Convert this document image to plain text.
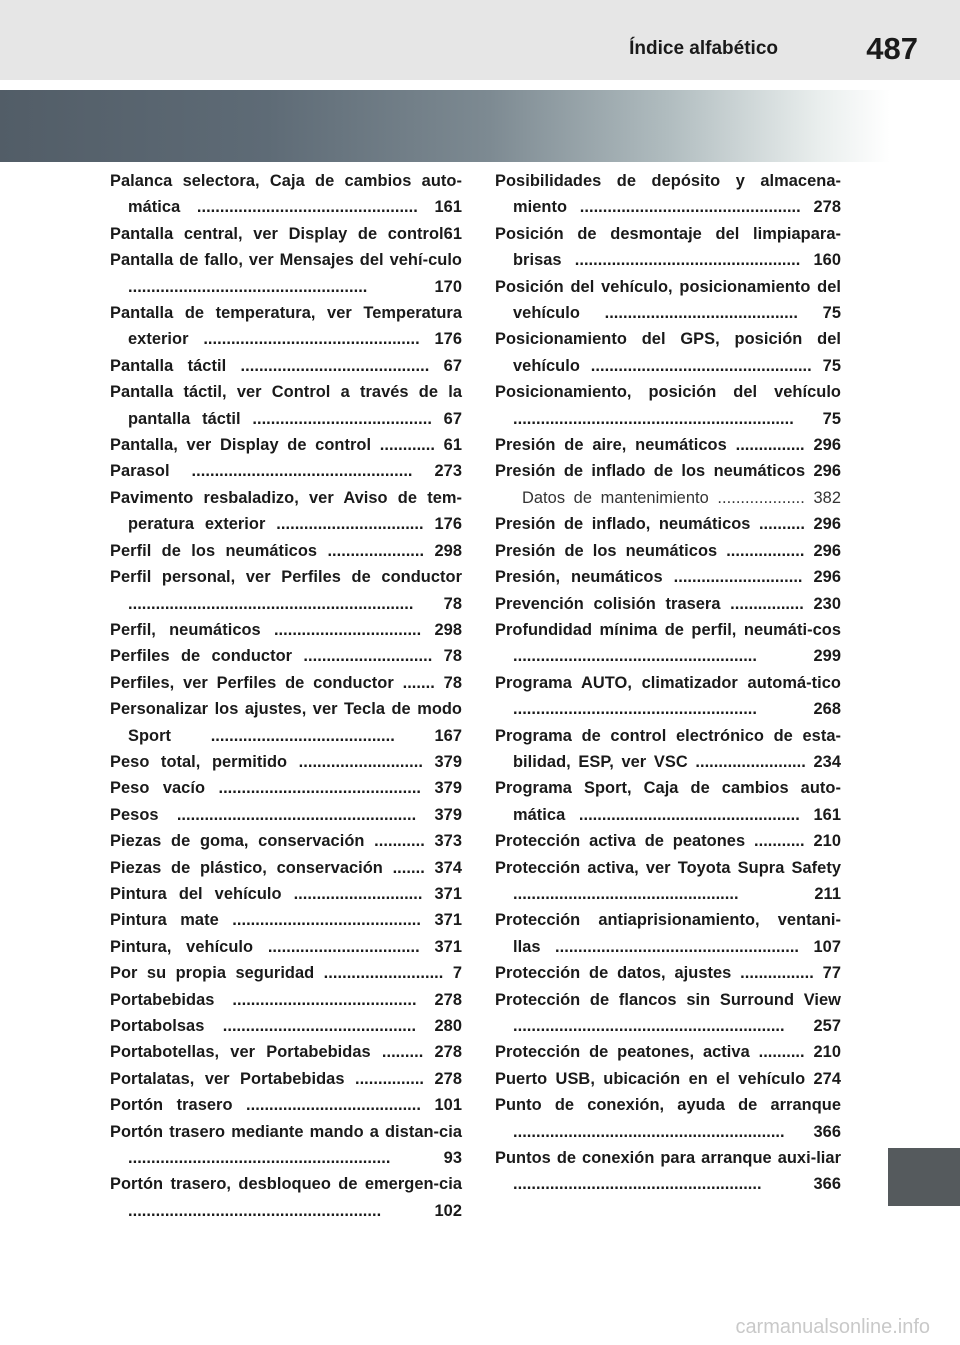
Índice alfabético	487

Palanca selectora, Caja de cambios auto-mática ................................................ 161

Pantalla central, ver Display de control61

Pantalla de fallo, ver Mensajes del vehí-culo .................................................... 170

Pantalla de temperatura, ver Temperatura exterior ............................................... 176

Pantalla táctil ......................................... 67

Pantalla táctil, ver Control a través de la pantalla táctil ....................................... 67

Pantalla, ver Display de control ............ 61

Parasol ................................................ 273

Pavimento resbaladizo, ver Aviso de tem-peratura exterior ................................ 176

Perfil de los neumáticos ..................... 298

Perfil personal, ver Perfiles de conductor .............................................................. 78

Perfil, neumáticos ................................ 298

Perfiles de conductor ............................ 78

Perfiles, ver Perfiles de conductor ....... 78

Personalizar los ajustes, ver Tecla de modo Sport ........................................ 167

Peso total, permitido ........................... 379

Peso vacío ............................................ 379

Pesos .................................................... 379

Piezas de goma, conservación ........... 373

Piezas de plástico, conservación ....... 374

Pintura del vehículo ............................ 371

Pintura mate ......................................... 371

Pintura, vehículo ................................. 371

Por su propia seguridad .......................... 7

Portabebidas ........................................ 278

Portabolsas .......................................... 280

Portabotellas, ver Portabebidas ......... 278

Portalatas, ver Portabebidas ............... 278

Portón trasero ...................................... 101

Portón trasero mediante mando a distan-cia ......................................................... 93

Portón trasero, desbloqueo de emergen-cia ....................................................... 102

Posibilidades de depósito y almacena-miento ................................................ 278

Posición de desmontaje del limpiapara-brisas ................................................. 160

Posición del vehículo, posicionamiento del vehículo .......................................... 75

Posicionamiento del GPS, posición del vehículo ................................................ 75

Posicionamiento, posición del vehículo ............................................................. 75

Presión de aire, neumáticos ............... 296

Presión de inflado de los neumáticos 296

Datos de mantenimiento ................... 382

Presión de inflado, neumáticos .......... 296

Presión de los neumáticos ................. 296

Presión, neumáticos ............................ 296

Prevención colisión trasera ................ 230

Profundidad mínima de perfil, neumáti-cos ..................................................... 299

Programa AUTO, climatizador automá-tico ..................................................... 268

Programa de control electrónico de esta-bilidad, ESP, ver VSC ........................ 234

Programa Sport, Caja de cambios auto-mática ................................................ 161

Protección activa de peatones ........... 210

Protección activa, ver Toyota Supra Safety ................................................. 211

Protección antiaprisionamiento, ventani-llas ..................................................... 107

Protección de datos, ajustes ................ 77

Protección de flancos sin Surround View ........................................................... 257

Protección de peatones, activa .......... 210

Puerto USB, ubicación en el vehículo 274

Punto de conexión, ayuda de arranque ........................................................... 366

Puntos de conexión para arranque auxi-liar ...................................................... 366

carmanualsonline.info
